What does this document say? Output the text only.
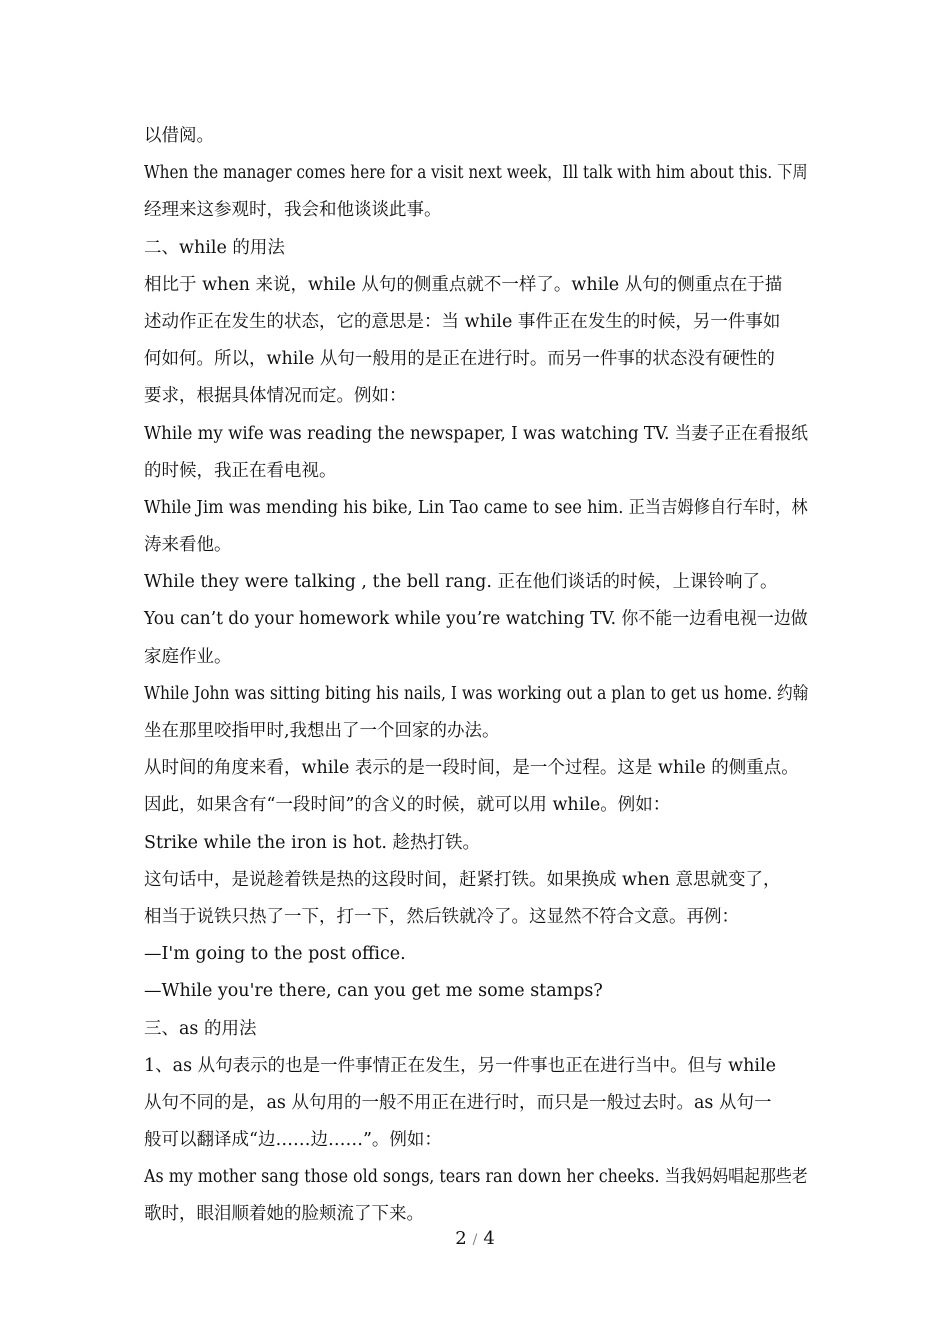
以借阅。
When the manager comes here for a visit next week，Ill talk with him about this. 下周
经理来这参观时，我会和他谈谈此事。
二、while 的用法
相比于 when 来说，while 从句的侧重点就不一样了。while 从句的侧重点在于描
述动作正在发生的状态，它的意思是：当 while 事件正在发生的时候，另一件事如
何如何。所以，while 从句一般用的是正在进行时。而另一件事的状态没有硬性的
要求，根据具体情况而定。例如：
While my wife was reading the newspaper, I was watching TV. 当妻子正在看报纸
的时候，我正在看电视。
While Jim was mending his bike, Lin Tao came to see him. 正当吉姆修自行车时，林
涛来看他。
While they were talking , the bell rang. 正在他们谈话的时候，上课铃响了。
You can’t do your homework while you’re watching TV. 你不能一边看电视一边做
家庭作业。
While John was sitting biting his nails, I was working out a plan to get us home. 约翰
坐在那里咬指甲时,我想出了一个回家的办法。
从时间的角度来看，while 表示的是一段时间，是一个过程。这是 while 的侧重点。
因此，如果含有“一段时间”的含义的时候，就可以用 while。例如：
Strike while the iron is hot. 趁热打铁。
这句话中，是说趁着铁是热的这段时间，赶紧打铁。如果换成 when 意思就变了，
相当于说铁只热了一下，打一下，然后铁就冷了。这显然不符合文意。再例：
—I'm going to the post office.
—While you're there, can you get me some stamps?
三、as 的用法
1、as 从句表示的也是一件事情正在发生，另一件事也正在进行当中。但与 while
从句不同的是，as 从句用的一般不用正在进行时，而只是一般过去时。as 从句一
般可以翻译成“边……边……”。例如：
As my mother sang those old songs, tears ran down her cheeks. 当我妈妈唱起那些老
歌时，眼泪顺着她的脸颊流了下来。
2 / 4
